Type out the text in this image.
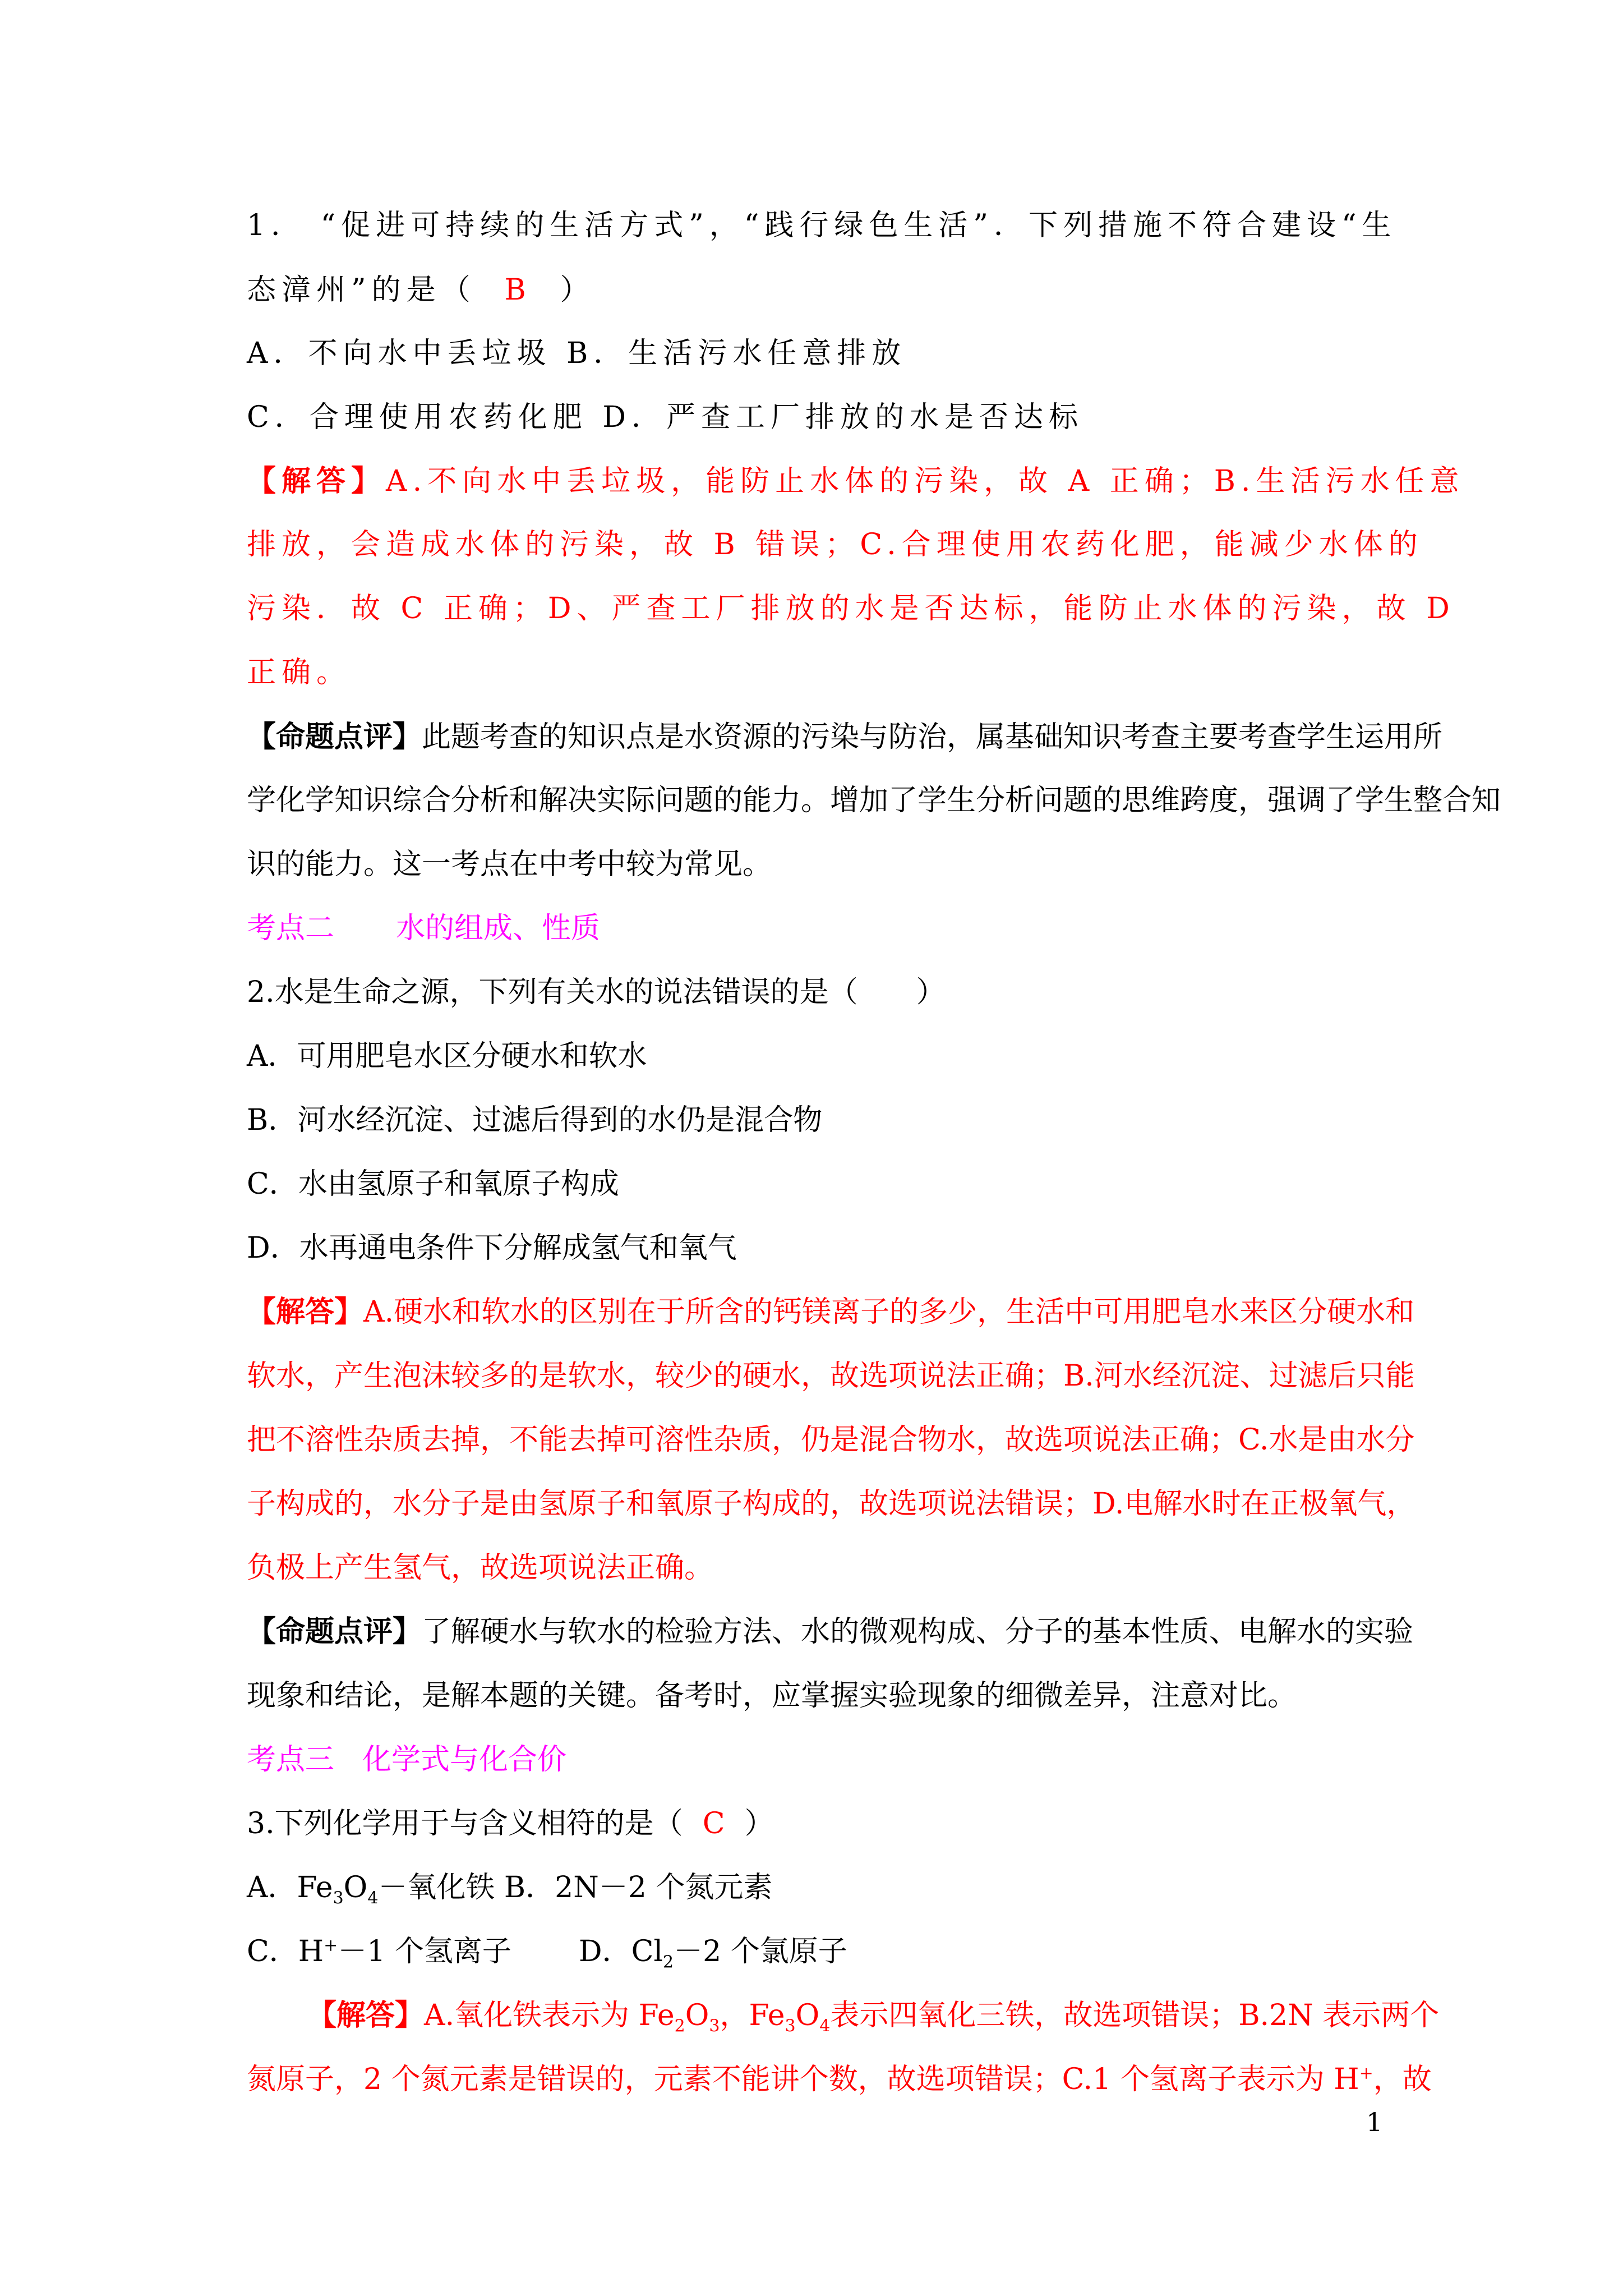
1． “促进可持续的生活方式”，“践行绿色生活”．下列措施不符合建设“生

态漳州”的是（ B ）

A．不向水中丢垃圾 B．生活污水任意排放

C．合理使用农药化肥 D．严查工厂排放的水是否达标

【解答】A.不向水中丢垃圾，能防止水体的污染，故 A 正确；B.生活污水任意

排放，会造成水体的污染，故 B 错误；C.合理使用农药化肥，能减少水体的

污染．故 C 正确；D、严查工厂排放的水是否达标，能防止水体的污染，故 D

正确。

【命题点评】此题考查的知识点是水资源的污染与防治，属基础知识考查主要考查学生运用所

学化学知识综合分析和解决实际问题的能力。增加了学生分析问题的思维跨度，强调了学生整合知

识的能力。这一考点在中考中较为常见。

考点二 水的组成、性质

2.水是生命之源，下列有关水的说法错误的是（　　）

A．可用肥皂水区分硬水和软水

B．河水经沉淀、过滤后得到的水仍是混合物

C．水由氢原子和氧原子构成

D．水再通电条件下分解成氢气和氧气

【解答】A.硬水和软水的区别在于所含的钙镁离子的多少，生活中可用肥皂水来区分硬水和

软水，产生泡沫较多的是软水，较少的硬水，故选项说法正确；B.河水经沉淀、过滤后只能

把不溶性杂质去掉，不能去掉可溶性杂质，仍是混合物水，故选项说法正确；C.水是由水分

子构成的，水分子是由氢原子和氧原子构成的，故选项说法错误；D.电解水时在正极氧气，

负极上产生氢气，故选项说法正确。

【命题点评】了解硬水与软水的检验方法、水的微观构成、分子的基本性质、电解水的实验

现象和结论，是解本题的关键。备考时，应掌握实验现象的细微差异，注意对比。

考点三 化学式与化合价

3.下列化学用于与含义相符的是（ C ）

A．$Fe_3O_4-$氧化铁 B．2N－2 个氮元素

C．H+－1 个氢离子 D．$Cl_2-2$ 个氯原子

【解答】A.氧化铁表示为 $Fe_2O_3$，$Fe_3O_4$表示四氧化三铁，故选项错误；B.2N 表示两个

氮原子，2 个氮元素是错误的，元素不能讲个数，故选项错误；C.1 个氢离子表示为 H+，故

1
